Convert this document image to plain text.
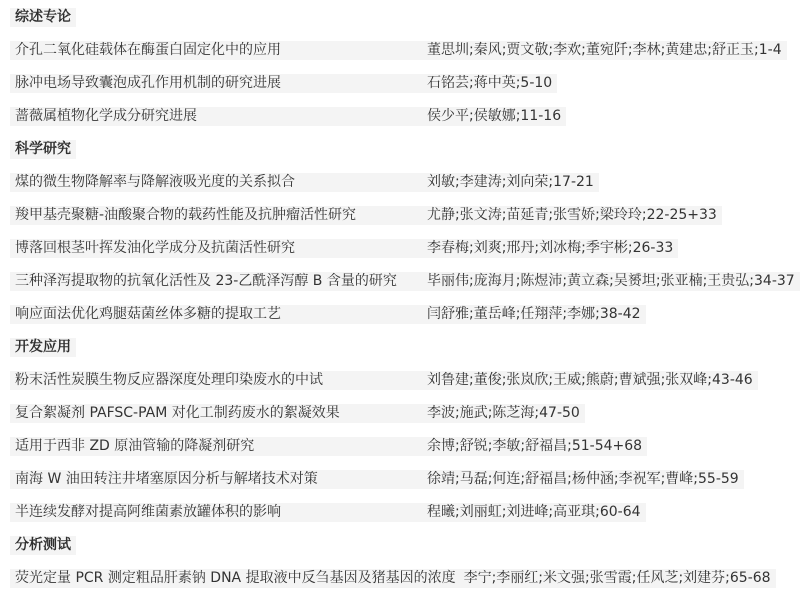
综述专论
介孔二氧化硅载体在酶蛋白固定化中的应用	董思圳;秦风;贾文敬;李欢;董宛阡;李林;黄建忠;舒正玉;1-4
脉冲电场导致囊泡成孔作用机制的研究进展	石铭芸;蒋中英;5-10
蔷薇属植物化学成分研究进展	侯少平;侯敏娜;11-16
科学研究
煤的微生物降解率与降解液吸光度的关系拟合	刘敏;李建涛;刘向荣;17-21
羧甲基壳聚糖-油酸聚合物的载药性能及抗肿瘤活性研究	尤静;张文涛;苗延青;张雪娇;梁玲玲;22-25+33
博落回根茎叶挥发油化学成分及抗菌活性研究	李春梅;刘爽;邢丹;刘冰梅;季宇彬;26-33
三种泽泻提取物的抗氧化活性及 23-乙酰泽泻醇 B 含量的研究	毕丽伟;庞海月;陈煜沛;黄立森;吴赟坦;张亚楠;王贵弘;34-37
响应面法优化鸡腿菇菌丝体多糖的提取工艺	闫舒雅;董岳峰;任翔萍;李娜;38-42
开发应用
粉末活性炭膜生物反应器深度处理印染废水的中试	刘鲁建;董俊;张岚欣;王威;熊蔚;曹斌强;张双峰;43-46
复合絮凝剂 PAFSC-PAM 对化工制药废水的絮凝效果	李波;施武;陈芝海;47-50
适用于西非 ZD 原油管输的降凝剂研究	余博;舒锐;李敏;舒福昌;51-54+68
南海 W 油田转注井堵塞原因分析与解堵技术对策	徐靖;马磊;何连;舒福昌;杨仲涵;李祝军;曹峰;55-59
半连续发酵对提高阿维菌素放罐体积的影响	程曦;刘丽虹;刘进峰;高亚琪;60-64
分析测试
荧光定量 PCR 测定粗品肝素钠 DNA 提取液中反刍基因及猪基因的浓度 李宁;李丽红;米文强;张雪霞;任风芝;刘建芬;65-68
